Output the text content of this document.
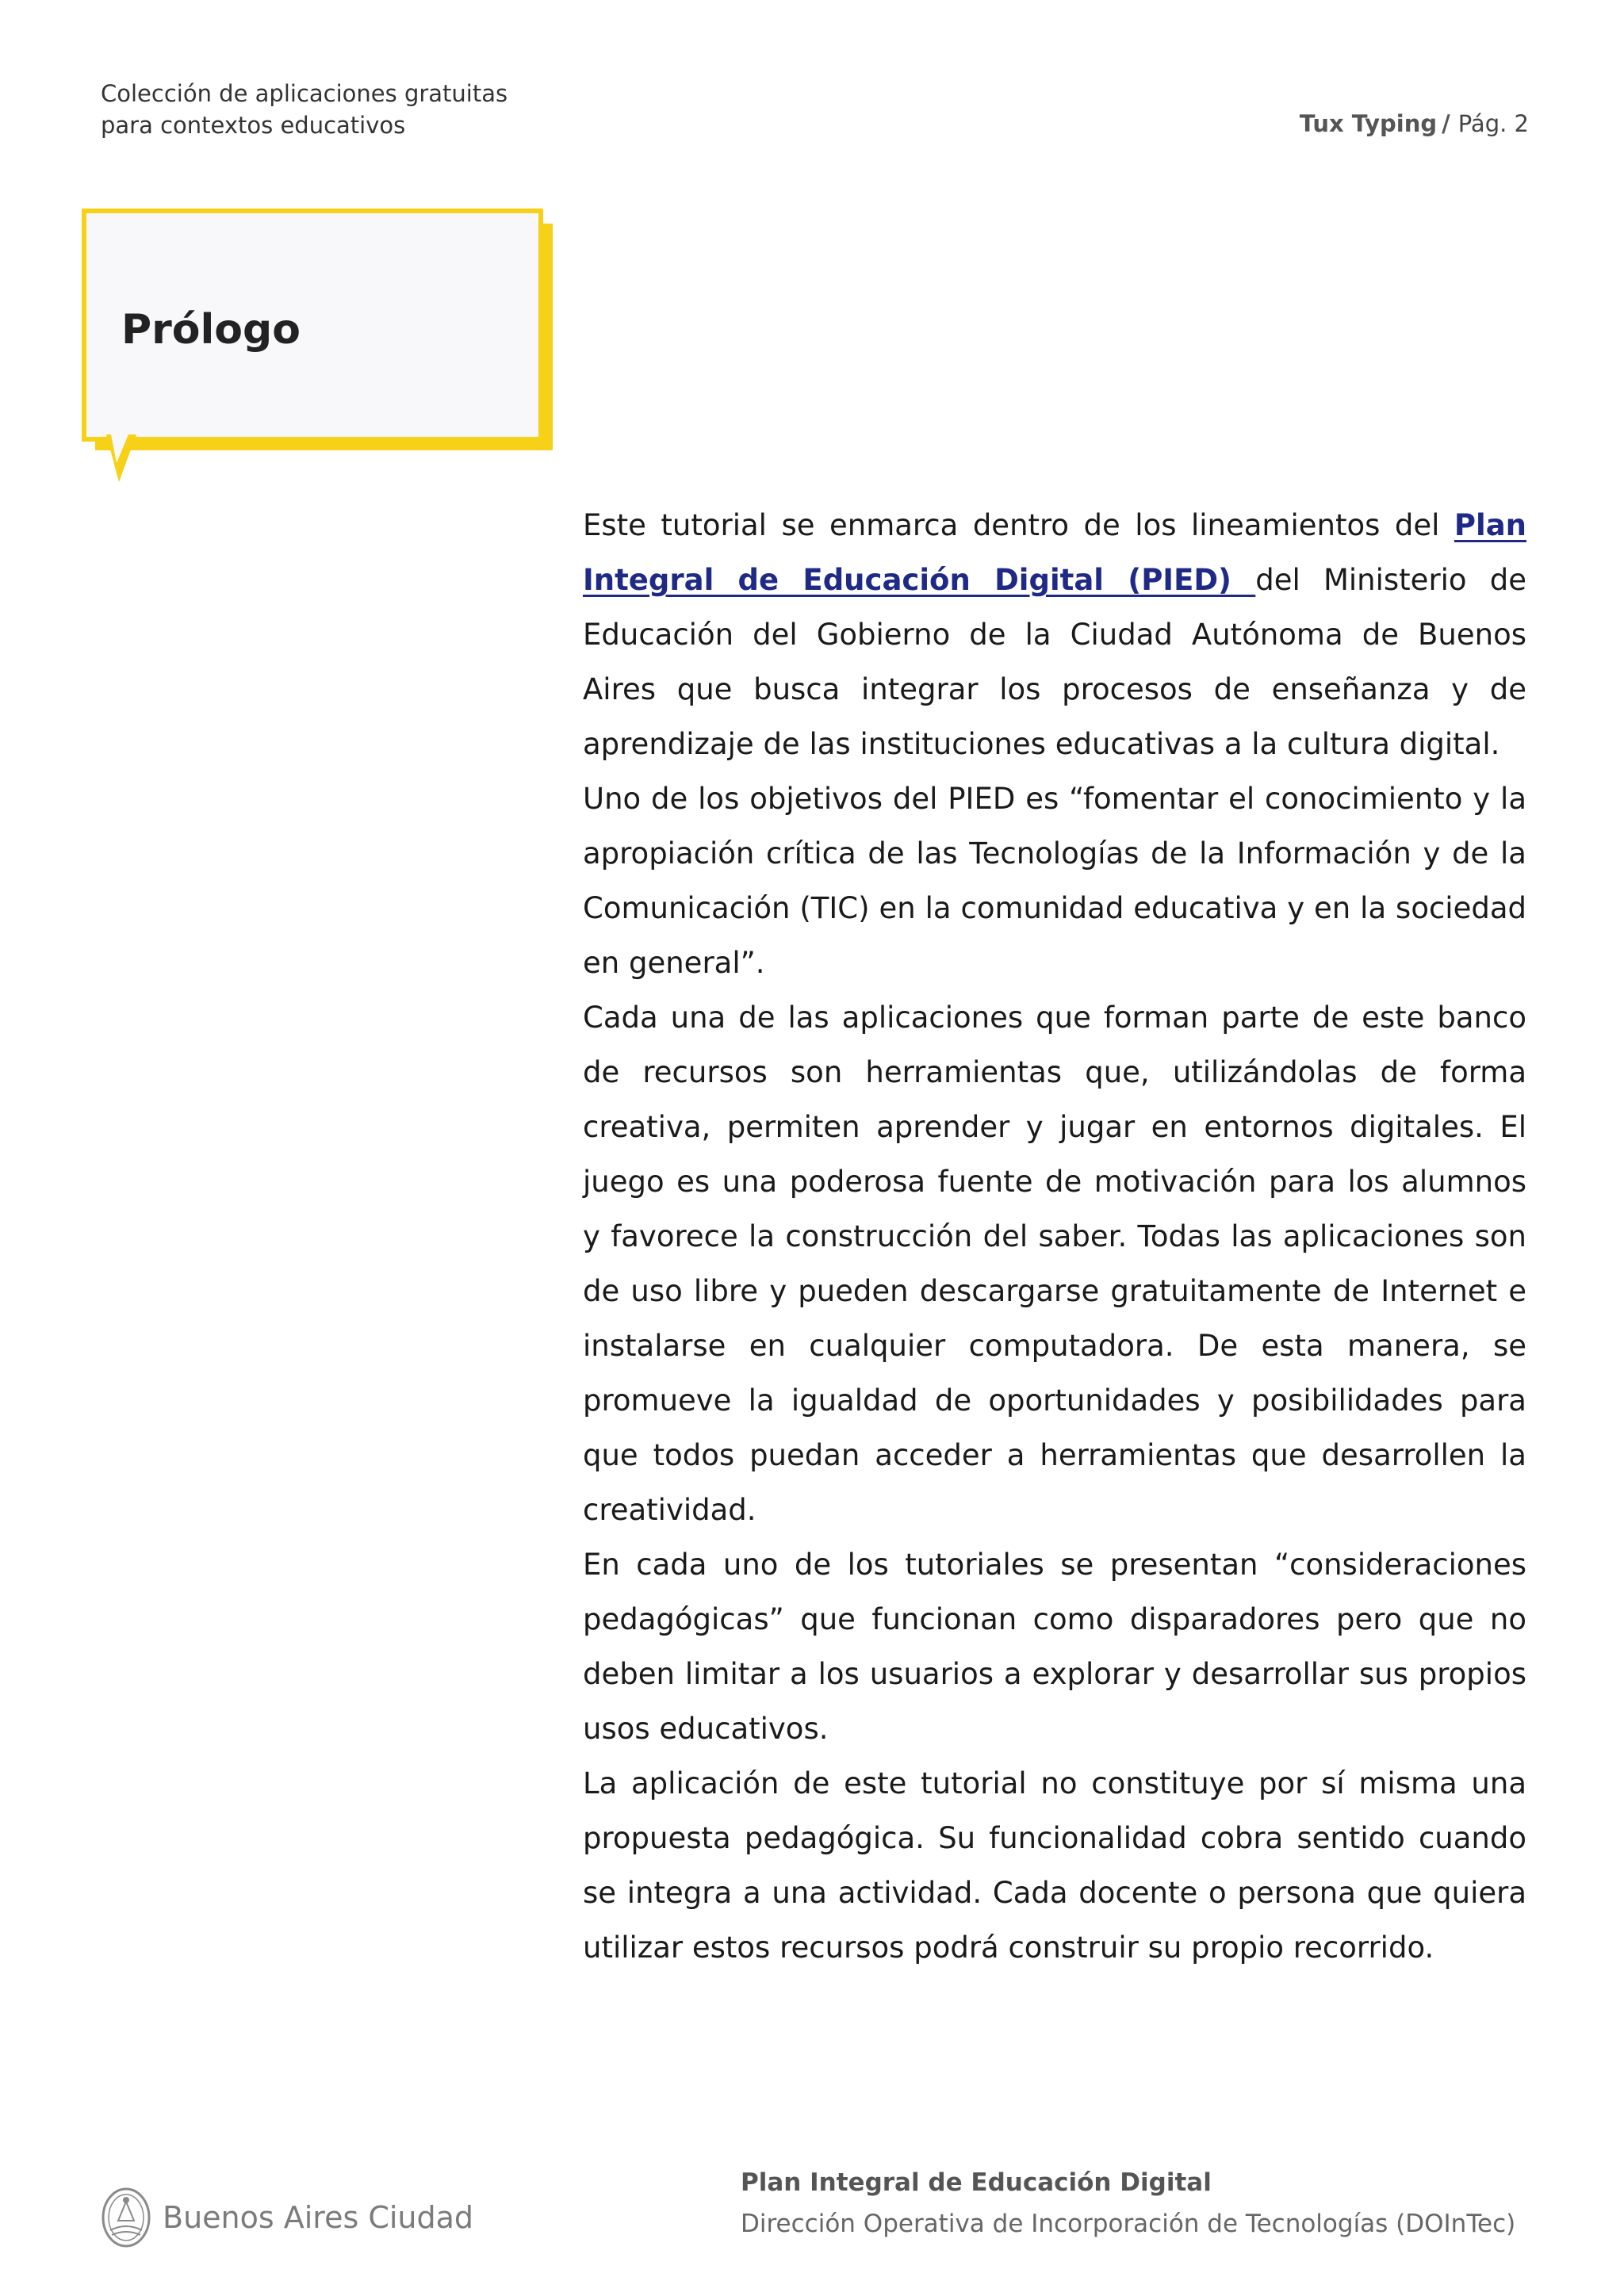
Colección de aplicaciones gratuitas
para contextos educativos	Tux Typing / Pág. 2
Prólogo

Este tutorial se enmarca dentro de los lineamientos del Plan Integral de Educación Digital (PIED) del Ministerio de Educación del Gobierno de la Ciudad Autónoma de Buenos Aires que busca integrar los procesos de enseñanza y de aprendizaje de las instituciones educativas a la cultura digital.

Uno de los objetivos del PIED es “fomentar el conocimiento y la apropiación crítica de las Tecnologías de la Información y de la Comunicación (TIC) en la comunidad educativa y en la sociedad en general”.

Cada una de las aplicaciones que forman parte de este banco de recursos son herramientas que, utilizándolas de forma creativa, permiten aprender y jugar en entornos digitales. El juego es una poderosa fuente de motivación para los alumnos y favorece la construcción del saber. Todas las aplicaciones son de uso libre y pueden descargarse gratuitamente de Internet e instalarse en cualquier computadora. De esta manera, se promueve la igualdad de oportunidades y posibilidades para que todos puedan acceder a herramientas que desarrollen la creatividad.

En cada uno de los tutoriales se presentan “consideraciones pedagógicas” que funcionan como disparadores pero que no deben limitar a los usuarios a explorar y desarrollar sus propios usos educativos.

La aplicación de este tutorial no constituye por sí misma una propuesta pedagógica. Su funcionalidad cobra sentido cuando se integra a una actividad. Cada docente o persona que quiera utilizar estos recursos podrá construir su propio recorrido.

Buenos Aires Ciudad
Plan Integral de Educación Digital
Dirección Operativa de Incorporación de Tecnologías (DOInTec)
